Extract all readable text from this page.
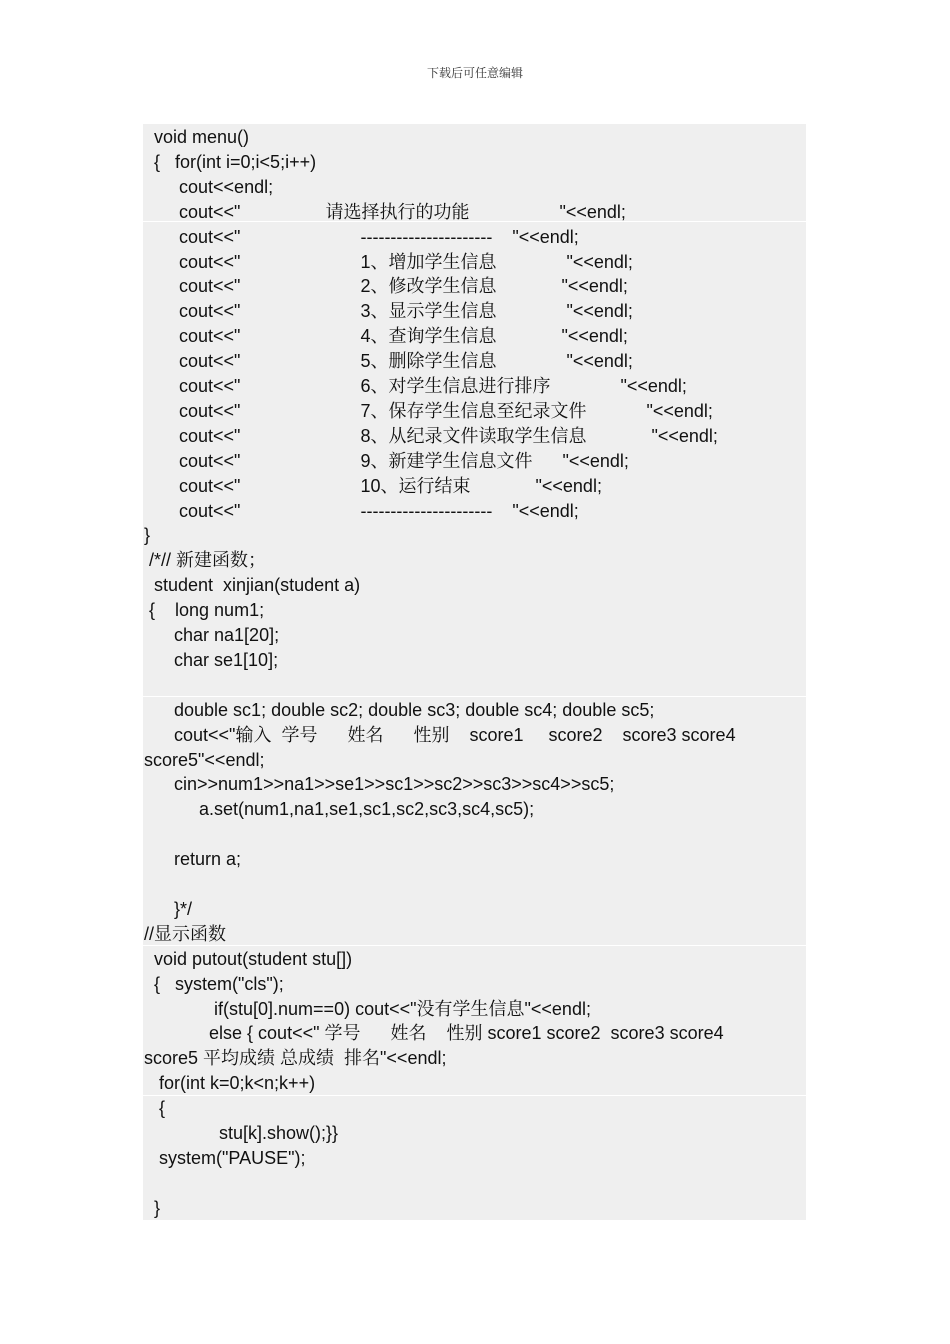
下载后可任意编辑
void menu()
{   for(int i=0;i<5;i++)
cout<<endl;
cout<<"                 请选择执行的功能                  "<<endl;
cout<<"                        ----------------------    "<<endl;
cout<<"                        1、增加学生信息              "<<endl;
cout<<"                        2、修改学生信息             "<<endl;
cout<<"                        3、显示学生信息              "<<endl;
cout<<"                        4、查询学生信息             "<<endl;
cout<<"                        5、删除学生信息              "<<endl;
cout<<"                        6、对学生信息进行排序              "<<endl;
cout<<"                        7、保存学生信息至纪录文件            "<<endl;
cout<<"                        8、从纪录文件读取学生信息             "<<endl;
cout<<"                        9、新建学生信息文件      "<<endl;
cout<<"                        10、运行结束             "<<endl;
cout<<"                        ----------------------    "<<endl;
}
/*// 新建函数；
student  xinjian(student a)
{    long num1;
char na1[20];
char se1[10];
double sc1; double sc2; double sc3; double sc4; double sc5;
cout<<"输入  学号      姓名      性别    score1     score2    score3 score4
score5"<<endl;
cin>>num1>>na1>>se1>>sc1>>sc2>>sc3>>sc4>>sc5;
a.set(num1,na1,se1,sc1,sc2,sc3,sc4,sc5);
return a;
}*/
//显示函数
void putout(student stu[])
{   system("cls");
if(stu[0].num==0) cout<<"没有学生信息"<<endl;
else { cout<<" 学号      姓名    性别 score1 score2  score3 score4
score5 平均成绩 总成绩  排名"<<endl;
for(int k=0;k<n;k++)
{
stu[k].show();}}
system("PAUSE");
}
